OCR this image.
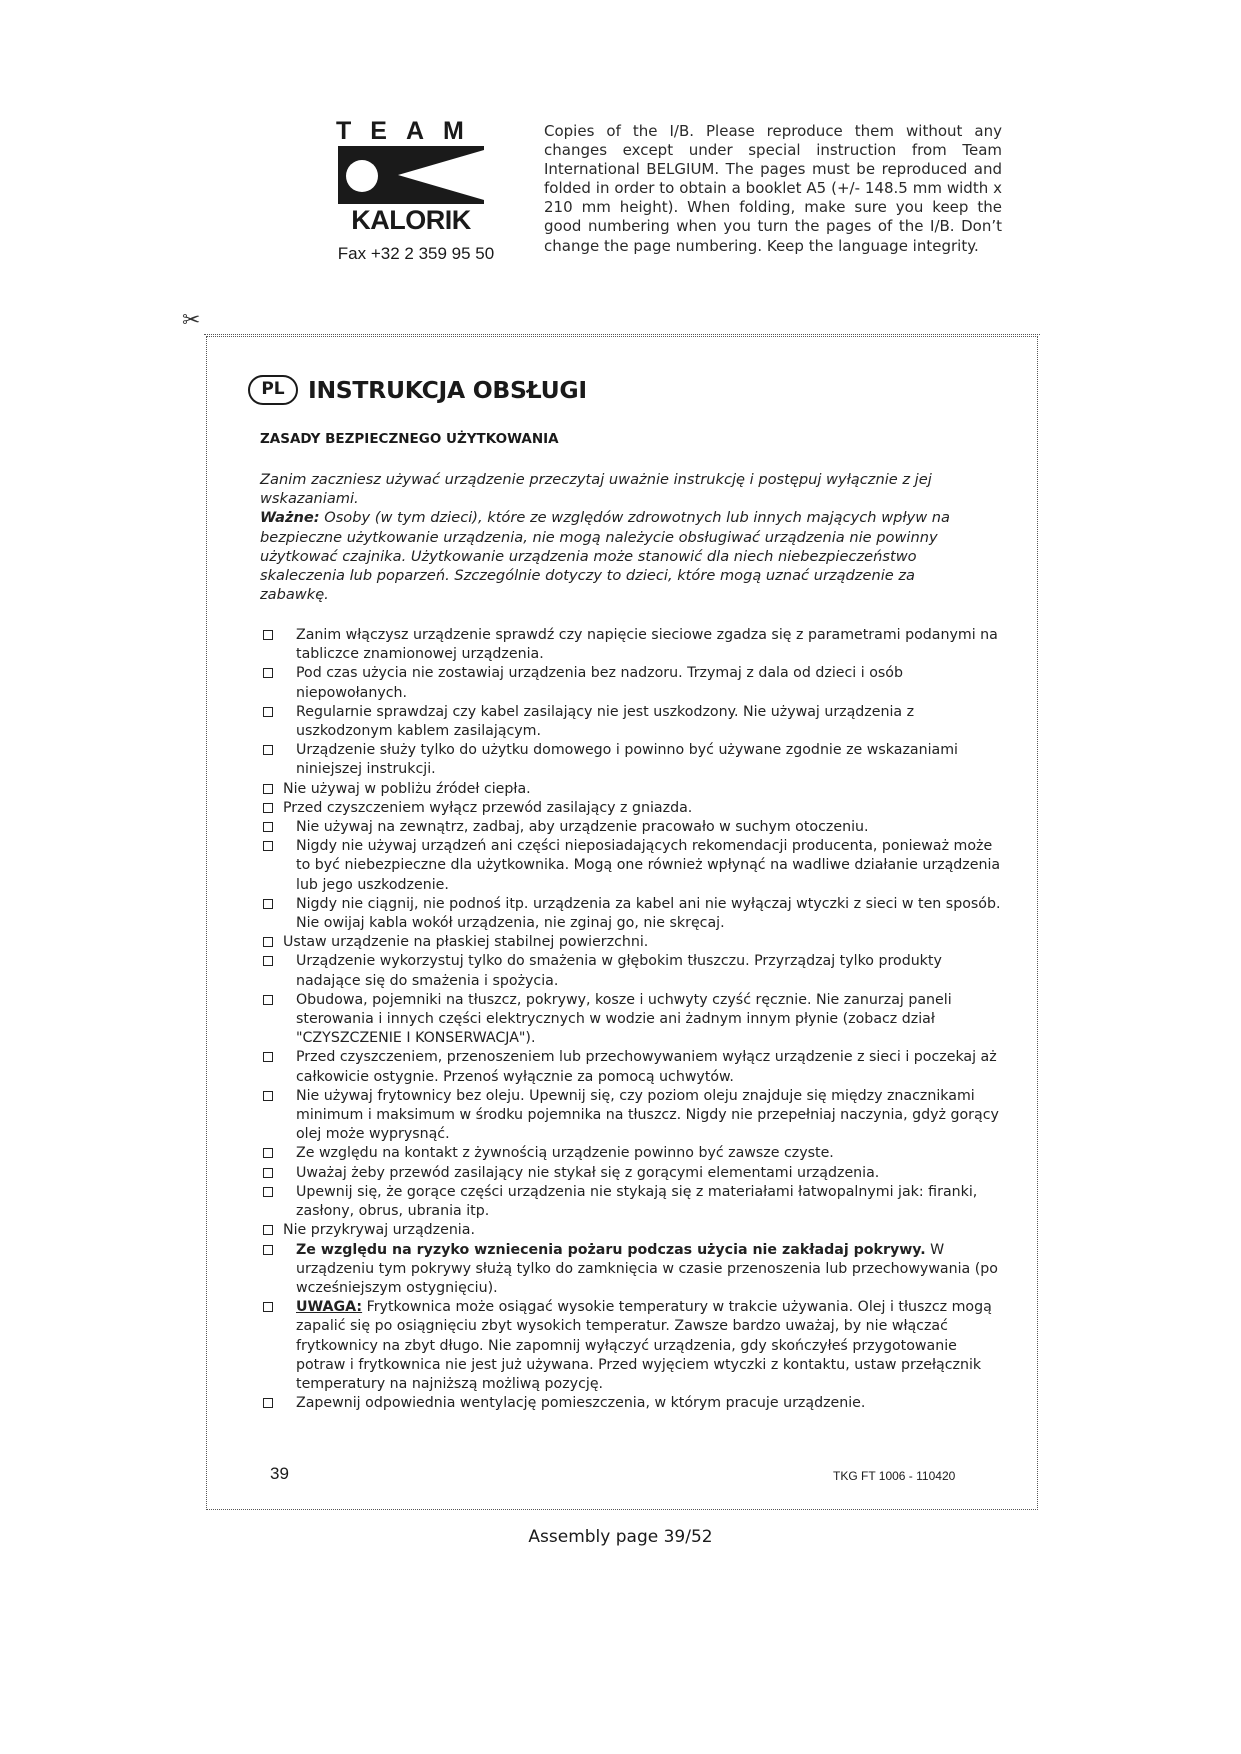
TEAM
KALORIK
Fax +32 2 359 95 50
Copies of the I/B. Please reproduce them without any changes except under special instruction from Team International BELGIUM. The pages must be reproduced and folded in order to obtain a booklet A5 (+/- 148.5 mm width x 210 mm height). When folding, make sure you keep the good numbering when you turn the pages of the I/B. Don’t change the page numbering. Keep the language integrity.
✂
PL INSTRUKCJA OBSŁUGI
ZASADY BEZPIECZNEGO UŻYTKOWANIA
Zanim zaczniesz używać urządzenie przeczytaj uważnie instrukcję i postępuj wyłącznie z jej wskazaniami.
Ważne: Osoby (w tym dzieci), które ze względów zdrowotnych lub innych mających wpływ na bezpieczne użytkowanie urządzenia, nie mogą należycie obsługiwać urządzenia nie powinny użytkować czajnika. Użytkowanie urządzenia może stanowić dla niech niebezpieczeństwo skaleczenia lub poparzeń. Szczególnie dotyczy to dzieci, które mogą uznać urządzenie za zabawkę.
Zanim włączysz urządzenie sprawdź czy napięcie sieciowe zgadza się z parametrami podanymi na tabliczce znamionowej urządzenia.
Pod czas użycia nie zostawiaj urządzenia bez nadzoru. Trzymaj z dala od dzieci i osób niepowołanych.
Regularnie sprawdzaj czy kabel zasilający nie jest uszkodzony. Nie używaj urządzenia z uszkodzonym kablem zasilającym.
Urządzenie służy tylko do użytku domowego i powinno być używane zgodnie ze wskazaniami niniejszej instrukcji.
Nie używaj w pobliżu źródeł ciepła.
Przed czyszczeniem wyłącz przewód zasilający z gniazda.
Nie używaj na zewnątrz, zadbaj, aby urządzenie pracowało w suchym otoczeniu.
Nigdy nie używaj urządzeń ani części nieposiadających rekomendacji producenta, ponieważ może to być niebezpieczne dla użytkownika. Mogą one również wpłynąć na wadliwe działanie urządzenia lub jego uszkodzenie.
Nigdy nie ciągnij, nie podnoś itp. urządzenia za kabel ani nie wyłączaj wtyczki z sieci w ten sposób. Nie owijaj kabla wokół urządzenia, nie zginaj go, nie skręcaj.
Ustaw urządzenie na płaskiej stabilnej powierzchni.
Urządzenie wykorzystuj tylko do smażenia w głębokim tłuszczu. Przyrządzaj tylko produkty nadające się do smażenia i spożycia.
Obudowa, pojemniki na tłuszcz, pokrywy, kosze i uchwyty czyść ręcznie. Nie zanurzaj paneli sterowania i innych części elektrycznych w wodzie ani żadnym innym płynie (zobacz dział "CZYSZCZENIE I KONSERWACJA").
Przed czyszczeniem, przenoszeniem lub przechowywaniem wyłącz urządzenie z sieci i poczekaj aż całkowicie ostygnie. Przenoś wyłącznie za pomocą uchwytów.
Nie używaj frytownicy bez oleju. Upewnij się, czy poziom oleju znajduje się między znacznikami minimum i maksimum w środku pojemnika na tłuszcz. Nigdy nie przepełniaj naczynia, gdyż gorący olej może wyprysnąć.
Ze względu na kontakt z żywnością urządzenie powinno być zawsze czyste.
Uważaj żeby przewód zasilający nie stykał się z gorącymi elementami urządzenia.
Upewnij się, że gorące części urządzenia nie stykają się z materiałami łatwopalnymi jak: firanki, zasłony, obrus, ubrania itp.
Nie przykrywaj urządzenia.
Ze względu na ryzyko wzniecenia pożaru podczas użycia nie zakładaj pokrywy. W urządzeniu tym pokrywy służą tylko do zamknięcia w czasie przenoszenia lub przechowywania (po wcześniejszym ostygnięciu).
UWAGA: Frytkownica może osiągać wysokie temperatury w trakcie używania. Olej i tłuszcz mogą zapalić się po osiągnięciu zbyt wysokich temperatur. Zawsze bardzo uważaj, by nie włączać frytkownicy na zbyt długo. Nie zapomnij wyłączyć urządzenia, gdy skończyłeś przygotowanie potraw i frytkownica nie jest już używana. Przed wyjęciem wtyczki z kontaktu, ustaw przełącznik temperatury na najniższą możliwą pozycję.
Zapewnij odpowiednia wentylację pomieszczenia, w którym pracuje urządzenie.
39	TKG FT 1006 - 110420
Assembly page 39/52
